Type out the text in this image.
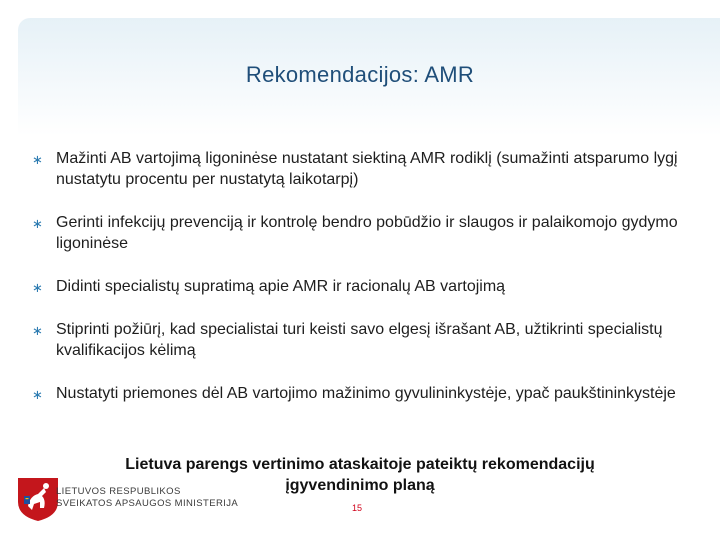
Rekomendacijos: AMR
∗ Mažinti AB vartojimą ligoninėse nustatant siektiną AMR rodiklį (sumažinti atsparumo lygį nustatytu procentu per nustatytą laikotarpį)
∗ Gerinti infekcijų prevenciją ir kontrolę bendro pobūdžio ir slaugos ir palaikomojo gydymo ligoninėse
∗ Didinti specialistų supratimą apie AMR ir racionalų AB vartojimą
∗ Stiprinti požiūrį, kad specialistai turi keisti savo elgesį išrašant AB, užtikrinti specialistų kvalifikacijos kėlimą
∗ Nustatyti priemones dėl AB vartojimo mažinimo gyvulininkystėje, ypač paukštininkystėje
Lietuva parengs vertinimo ataskaitoje pateiktų rekomendacijų įgyvendinimo planą
LIETUVOS RESPUBLIKOS
SVEIKATOS APSAUGOS MINISTERIJA	15
